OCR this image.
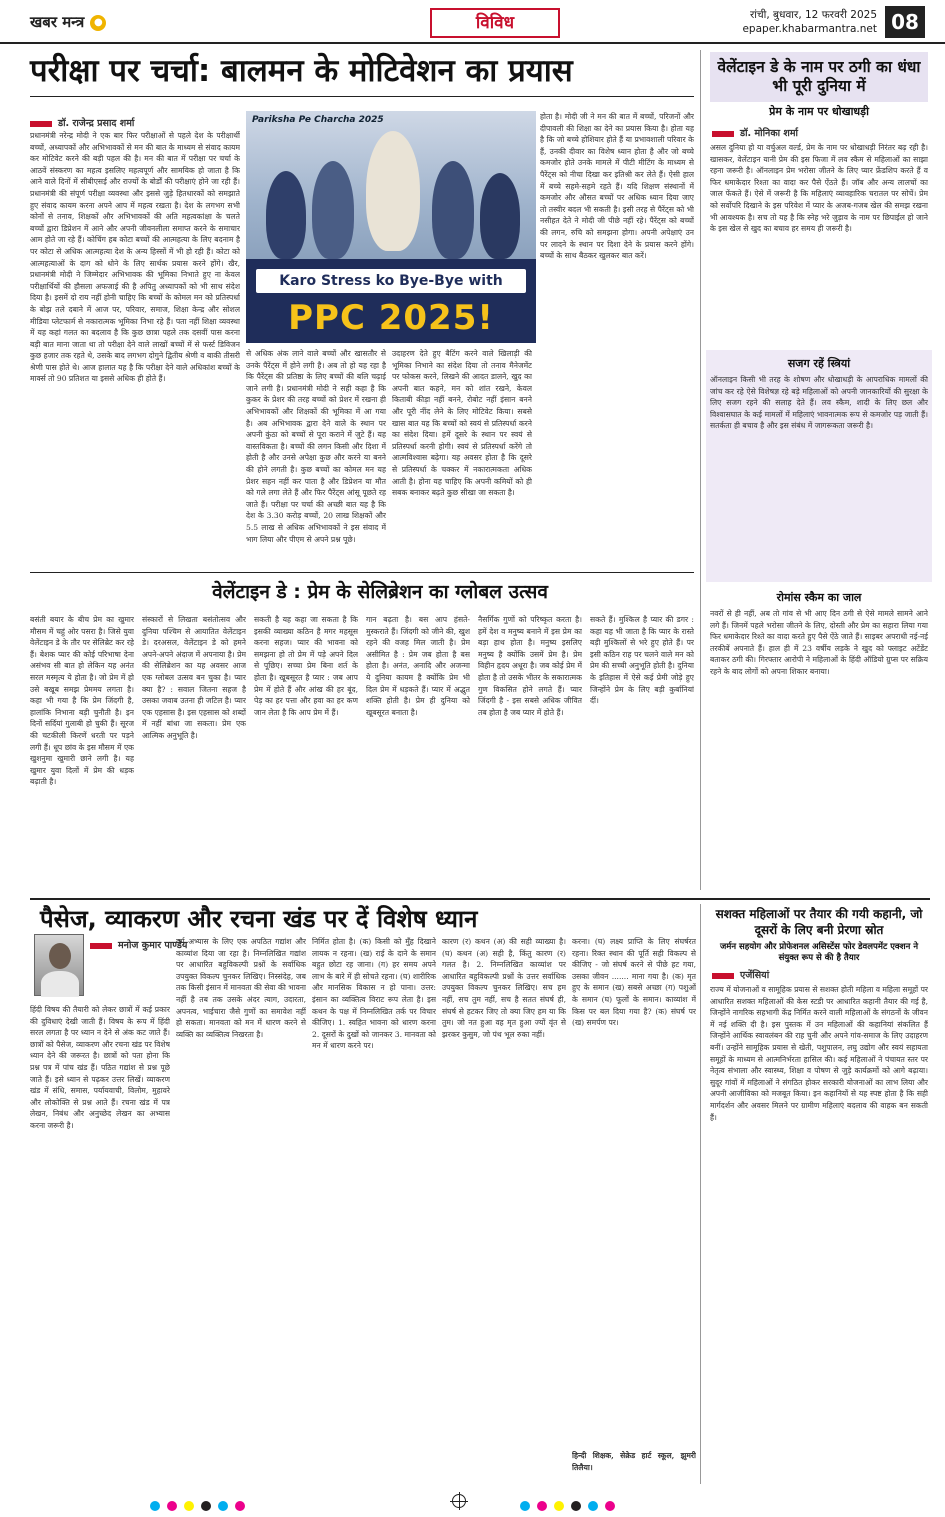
खबर मन्त्र ●	विविध	रांची, बुधवार, 12 फरवरी 2025
epaper.khabarmantra.net 08
परीक्षा पर चर्चा: बालमन के मोटिवेशन का प्रयास
डॉ. राजेन्द्र प्रसाद शर्मा

प्रधानमंत्री नरेन्द्र मोदी ने एक बार फिर परीक्षाओं से पहले देश के परीक्षार्थी बच्चों, अध्यापकों और अभिभावकों से मन की बात के माध्यम से संवाद कायम कर मोटिवेट करने की बड़ी पहल की है। मन की बात में परीक्षा पर चर्चा के आठवें संस्करण का महत्व इसलिए महत्वपूर्ण और सामयिक हो जाता है कि आने वाले दिनों में सीबीएसई और राज्यों के बोर्डों की परीक्षाएं होने जा रही हैं। प्रधानमंत्री की संपूर्ण परीक्षा व्यवस्था और इससे जुड़े हितधारकों को समझाते हुए संवाद कायम करना अपने आप में महत्व रखता है। देश के लगभग सभी कोनों से तनाव, शिक्षकों और अभिभावकों की अति महत्वकांक्षा के चलते बच्चों द्वारा डिप्रेशन में आने और अपनी जीवनलीला समाप्त करने के समाचार आम होते जा रहे हैं। कोचिंग हब कोटा बच्चों की आत्महत्या के लिए बदनाम है पर कोटा से अधिक आत्महत्या देश के अन्य हिस्सों में भी हो रही हैं। कोटा को आत्महत्याओं के दाग को धोने के लिए सार्थक प्रयास करने होंगे। खैर, प्रधानमंत्री मोदी ने जिम्मेदार अभिभावक की भूमिका निभाते हुए ना केवल परीक्षार्थियों की हौसला अफजाई की है अपितु अध्यापकों को भी साथ संदेश दिया है। इसमें दो राय नहीं होनी चाहिए कि बच्चों के कोमल मन को प्रतिस्पर्धा के बोझ तले दबाने में आज पर, परिवार, समाज, शिक्षा केन्द्र और सोशल मीडिया प्लेटफार्म से नकारात्मक भूमिका निभा रहे हैं। पता नहीं शिक्षा व्यवस्था में यह कहां गलत का बदलाव है कि कुछ छात्रा पहले तक दसवीं पास करना बड़ी बात माना जाता था तो परीक्षा देने वाले लाखों बच्चों में से फर्स्ट डिविजन कुछ हजार तक रहते थे, उसके बाद लगभग दोगुने द्वितीय श्रेणी व बाकी तीसरी श्रेणी पास होते थे। आज हालात यह है कि परीक्षा देने वाले अधिकांश बच्चों के मार्क्स तो 90 प्रतिशत या इससे अधिक ही होते हैं।

Pariksha Pe Charcha 2025
Karo Stress ko Bye-Bye with
PPC 2025!

से अधिक अंक लाने वाले बच्चों और खासतौर से उनके पैरेंट्स में होने लगी है। अब तो हो यह रहा है कि पैरेंट्स की प्रतिष्ठा के लिए बच्चों की बलि चढ़ाई जाने लगी है। प्रधानमंत्री मोदी ने सही कहा है कि कुकर के प्रेशर की तरह बच्चों को प्रेशर में रखना ही अभिभावकों और शिक्षकों की भूमिका में आ गया है। अब अभिभावक द्वारा देने वाले के स्थान पर अपनी कुंठा को बच्चों से पूरा कराने में जुटे हैं। यह वास्तविकता है। बच्चों की लगन किसी और दिशा में होती है और उनसे अपेक्षा कुछ और करने या बनने की होने लगती है। कुछ बच्चों का कोमल मन यह प्रेशर सहन नहीं कर पाता है और डिप्रेशन या मौत को गले लगा लेते हैं और फिर पैरेंट्स आंसू पूछते रह जाते हैं। परीक्षा पर चर्चा की अच्छी बात यह है कि देश के 3.30 करोड़ बच्चों, 20 लाख शिक्षकों और 5.5 लाख से अधिक अभिभावकों ने इस संवाद में भाग लिया और पीएम से अपने प्रश्न पूछे।

उदाहरण देते हुए बैटिंग करने वाले खिलाड़ी की भूमिका निभाने का संदेश दिया तो तनाव मैनेजमेंट पर फोकस करने, लिखने की आदत डालने, खुद का अपनी बात कहने, मन को शांत रखने, केवल किताबी कीड़ा नहीं बनने, रोबोट नहीं इंसान बनने और पूरी नींद लेने के लिए मोटिवेट किया। सबसे खास बात यह कि बच्चों को स्वयं से प्रतिस्पर्धा करने का संदेश दिया। हमें दूसरे के स्थान पर स्वयं से प्रतिस्पर्धा करनी होगी। स्वयं से प्रतिस्पर्धा करेंगे तो आत्मविश्वास बढ़ेगा। यह अवसर होता है कि दूसरे से प्रतिस्पर्धा के चक्कर में नकारात्मकता अधिक आती है। होना यह चाहिए कि अपनी कमियों को ही सबक बनाकर बढ़ते कुछ सीखा जा सकता है।

होता है। मोदी जी ने मन की बात में बच्चों, परिजनों और दीपावली की शिक्षा का देने का प्रयास किया है। होता यह है कि जो बच्चे होशियार होते हैं या प्रभावशाली परिवार के हैं, उनकी दीवार का विशेष ध्यान होता है और जो बच्चे कमजोर होते उनके मामले में पीटी मीटिंग के माध्यम से पैरेंट्स को नीचा दिखा कर इतिश्री कर लेते हैं। ऐसी हाल में बच्चे सहमे-सहमे रहते हैं। यदि शिक्षण संस्थानों में कमजोर और औसत बच्चों पर अधिक ध्यान दिया जाए तो तस्वीर बदल भी सकती है। इसी तरह से पैरेंट्स को भी नसीहत देते ने मोदी जी पीछे नहीं रहे। पैरेंट्स को बच्चों की लगन, रुचि को समझना होगा। अपनी अपेक्षाएं उन पर लादने के स्थान पर दिशा देने के प्रयास करने होंगे। बच्चों के साथ बैठकर खुलकर बात करें।

वेलेंटाइन डे के नाम पर ठगी का धंधा भी पूरी दुनिया में
प्रेम के नाम पर धोखाधड़ी
डॉ. मोनिका शर्मा

असल दुनिया हो या वर्चुअल वर्ल्ड, प्रेम के नाम पर धोखाधड़ी निरंतर बढ़ रही है। खासकर, वेलेंटाइन यानी प्रेम की इस फिजा में लव स्कैम से महिलाओं का साझा रहना जरूरी है। ऑनलाइन प्रेम भरोसा जीतने के लिए प्यार फ्रेंडशिप करते हैं व फिर धमाकेदार रिश्ता का वादा कर पैसे ऐंठते हैं। जॉब और अन्य लालचों का जाल फेंकते हैं। ऐसे में जरूरी है कि महिलाएं व्यावहारिक चरातल पर सोचें। प्रेम को सर्वोपरि दिखाने के इस परिवेश में प्यार के अजब-गजब खेल की समझ रखना भी आवश्यक है। सच तो यह है कि स्नेह भरे जुड़ाव के नाम पर छिपाईल हो जाने के इस खेल से खुद का बचाव हर समय ही जरूरी है।

सजग रहें स्त्रियां

ऑनलाइन किसी भी तरह के शोषण और धोखाधड़ी के आपराधिक मामलों की जांच कर रहे ऐसे विशेषज्ञ रहे बड़े महिलाओं को अपनी जानकारियों की सुरक्षा के लिए सजग रहने की सलाह देते हैं। लव स्कैम, शादी के लिए छल और विश्वासघात के कई मामलों में महिलाएं भावनात्मक रूप से कमजोर पड़ जाती हैं। सतर्कता ही बचाव है और इस संबंध में जागरूकता जरूरी है।

रोमांस स्कैम का जाल

नवरों से ही नहीं, अब तो गांव से भी आए दिन ठगी से ऐसे मामले सामने आने लगे हैं। जिनमें पहले भरोसा जीतने के लिए, दोस्ती और प्रेम का सहारा लिया गया फिर धमाकेदार रिश्ते का वादा करते हुए पैसे ऐंठे जाते हैं। साइबर अपराधी नई-नई तरकीबें अपनाते हैं। हाल ही में 23 वर्षीय लड़के ने खुद को फ्लाइट अटेंडेंट बताकर ठगी की। गिरफ्तार आरोपी ने महिलाओं के हिंदी ऑडियो ग्रुप्स पर सक्रिय रहने के बाद लोगों को अपना शिकार बनाया।

वेलेंटाइन डे : प्रेम के सेलिब्रेशन का ग्लोबल उत्सव

बसंती बयार के बीच प्रेम का खुमार मौसम में चहुं ओर पसरा है। जिसे युवा वेलेंटाइन डे के तौर पर सेलिब्रेट कर रहे हैं। बेशक प्यार की कोई परिभाषा देना असंभव सी बात हो लेकिन यह अनंत सरल मस्मृत्य ये होता है। जो प्रेम में हो उसे बखूब समझ प्रेममय लगता है। कहा भी गया है कि प्रेम जिंदगी है, हालांकि निभाना बड़ी चुनौती है। इन दिनों सर्दियां गुलाबी हो चुकी हैं। सूरज की चटकीली किरणें धरती पर पड़ने लगी हैं। धूप छांव के इस मौसम में एक खुशनुमा खुमारी छाने लगी है। यह खुमार युवा दिलों में प्रेम की धड़क बढ़ाती है।

संस्कारों से लिखता बसंतोत्सव और दुनिया पश्चिम से आयातित वेलेंटाइन डे। दरअसल, वेलेंटाइन डे को हमने अपने-अपने अंदाज में अपनाया है। प्रेम की सेलिब्रेशन का यह अवसर आज एक ग्लोबल उत्सव बन चुका है। प्यार क्या है? : सवाल जितना सहज है उसका जवाब उतना ही जटिल है। प्यार एक एहसास है। इस एहसास को शब्दों में नहीं बांधा जा सकता। प्रेम एक आत्मिक अनुभूति है।

सकती है यह कहा जा सकता है कि इसकी व्याख्या कठिन है मगर महसूस करना सहज। प्यार की भावना को समझना हो तो प्रेम में पड़े अपने दिल से पूछिए। सच्चा प्रेम बिना शर्त के होता है। खूबसूरत है प्यार : जब आप प्रेम में होते हैं और आंख की हर बूंद, पेड़ का हर पत्ता और हवा का हर कण जान लेता है कि आप प्रेम में हैं।

गान बढ़ता है। बस आप हंसते-मुस्कराते हैं। जिंदगी को जीने की, खुश रहने की वजह मिल जाती है। प्रेम असीमित है : प्रेम जब होता है बस होता है। अनंत, अनादि और अजन्मा ये दुनिया कायम है क्योंकि प्रेम भी दिल प्रेम में धड़कते हैं। प्यार में अद्भुत शक्ति होती है। प्रेम ही दुनिया को खूबसूरत बनाता है।

नैसर्गिक गुणों को परिष्कृत करता है। हमें देश व मनुष्य बनाने में इस प्रेम का बड़ा हाथ होता है। मनुष्य इसलिए मनुष्य है क्योंकि उसमें प्रेम है। प्रेम विहीन हृदय अधूरा है। जब कोई प्रेम में होता है तो उसके भीतर के सकारात्मक गुण विकसित होने लगते हैं। प्यार जिंदगी है - इस सबसे अधिक जीवित तब होता है जब प्यार में होते हैं।

सकते हैं। मुश्किल है प्यार की डगर : कहा यह भी जाता है कि प्यार के रास्ते बड़ी मुश्किलों से भरे हुए होते हैं। पर इसी कठिन राह पर चलने वाले मन को प्रेम की सच्ची अनुभूति होती है। दुनिया के इतिहास में ऐसे कई प्रेमी जोड़े हुए जिन्होंने प्रेम के लिए बड़ी कुर्बानियां दीं।

पैसेज, व्याकरण और रचना खंड पर दें विशेष ध्यान
मनोज कुमार पाण्डेय

हिंदी विषय की तैयारी को लेकर छात्रों में कई प्रकार की दुविधाएं देखी जाती हैं। विषय के रूप में हिंदी सरल लगता है पर ध्यान न देने से अंक कट जाते हैं। छात्रों को पैसेज, व्याकरण और रचना खंड पर विशेष ध्यान देने की जरूरत है। छात्रों को पता होना कि प्रश्न पत्र में पांच खंड हैं। पठित गद्यांश से प्रश्न पूछे जाते हैं। इसे ध्यान से पढ़कर उत्तर लिखें। व्याकरण खंड में संधि, समास, पर्यायवाची, विलोम, मुहावरे और लोकोक्ति से प्रश्न आते हैं। रचना खंड में पत्र लेखन, निबंध और अनुच्छेद लेखन का अभ्यास करना जरूरी है।

वर्ग अभ्यास के लिए एक अपठित गद्यांश और काव्यांश दिया जा रहा है। निम्नलिखित गद्यांश पर आधारित बहुविकल्पी प्रश्नों के सर्वाधिक उपयुक्त विकल्प चुनकर लिखिए। निस्संदेह, जब तक किसी इंसान में मानवता की सेवा की भावना नहीं है तब तक उसके अंदर त्याग, उदारता, अपनत्व, भाईचारा जैसे गुणों का समावेश नहीं हो सकता। मानवता को मन में धारण करने से व्यक्ति का व्यक्तित्व निखरता है।

निर्मित होता है। (क) किसी को मुँह दिखाने लायक न रहना। (ख) राई के दाने के समान बहुत छोटा रह जाना। (ग) हर समय अपने लाभ के बारे में ही सोचते रहना। (घ) शारीरिक और मानसिक विकास न हो पाना। उत्तर: इंसान का व्यक्तित्व विराट रूप लेता है। इस कथन के पक्ष में निम्नलिखित तर्क पर विचार कीजिए। 1. स्वहित भावना को धारण करना 2. दूसरों के दुखों को जानकर 3. मानवता को मन में धारण करने पर।

कारण (र) कथन (अ) की सही व्याख्या है। (घ) कथन (अ) सही है, किंतु कारण (र) गलत है। 2. निम्नलिखित काव्यांश पर आधारित बहुविकल्पी प्रश्नों के उत्तर सर्वाधिक उपयुक्त विकल्प चुनकर लिखिए। सच हम नहीं, सच तुम नहीं, सच है सतत संघर्ष ही, संघर्ष से हटकर जिए तो क्या जिए हम या कि तुम। जो नत हुआ वह मृत हुआ ज्यों वृंत से झरकर कुसुम, जो पंथ भूल रुका नहीं।

करना। (घ) लक्ष्य प्राप्ति के लिए संघर्षरत रहना। रिक्त स्थान की पूर्ति सही विकल्प से कीजिए - जो संघर्ष करने से पीछे हट गया, उसका जीवन ....... माना गया है। (क) मृत हुए के समान (ख) सबसे अच्छा (ग) पशुओं के समान (घ) फूलों के समान। काव्यांश में किस पर बल दिया गया है? (क) संघर्ष पर (ख) समर्पण पर।

हिन्दी शिक्षक, सेक्रेड हार्ट स्कूल, झुमरी तिलैया।

सशक्त महिलाओं पर तैयार की गयी कहानी, जो दूसरों के लिए बनी प्रेरणा स्रोत
जर्मन सहयोग और प्रोफेशनल असिस्टेंस फोर डेवलपमेंट एक्शन ने संयुक्त रूप से की है तैयार
एजेंसियां

राज्य में योजनाओं व सामूहिक प्रयास से सशक्त होती महिला व महिला समूहों पर आधारित सशक्त महिलाओं की केस स्टडी पर आधारित कहानी तैयार की गई है, जिन्होंने नागरिक सहभागी केंद्र निर्मित करने वाली महिलाओं के संगठनों के जीवन में नई शक्ति दी है। इस पुस्तक में उन महिलाओं की कहानियां संकलित हैं जिन्होंने आर्थिक स्वावलंबन की राह चुनी और अपने गांव-समाज के लिए उदाहरण बनीं। उन्होंने सामूहिक प्रयास से खेती, पशुपालन, लघु उद्योग और स्वयं सहायता समूहों के माध्यम से आत्मनिर्भरता हासिल की। कई महिलाओं ने पंचायत स्तर पर नेतृत्व संभाला और स्वास्थ्य, शिक्षा व पोषण से जुड़े कार्यक्रमों को आगे बढ़ाया। सुदूर गांवों में महिलाओं ने संगठित होकर सरकारी योजनाओं का लाभ लिया और अपनी आजीविका को मजबूत किया। इन कहानियों से यह स्पष्ट होता है कि सही मार्गदर्शन और अवसर मिलने पर ग्रामीण महिलाएं बदलाव की वाहक बन सकती हैं।
